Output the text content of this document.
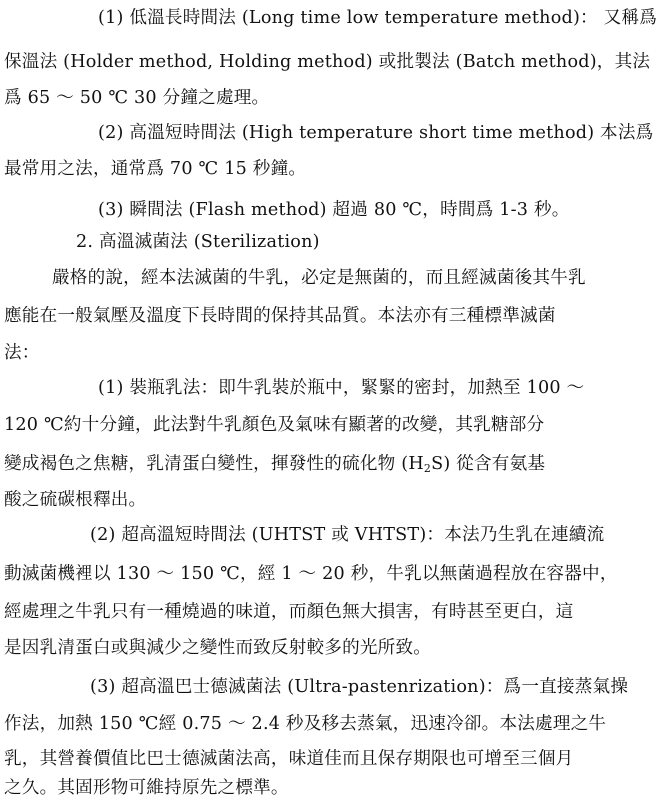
(1) 低溫長時間法 (Long time low temperature method)： 又稱爲
保溫法 (Holder method, Holding method) 或批製法 (Batch method)，其法
爲 65 ～ 50 ℃ 30 分鐘之處理。
(2) 高溫短時間法 (High temperature short time method) 本法爲
最常用之法，通常爲 70 ℃ 15 秒鐘。
(3) 瞬間法 (Flash method) 超過 80 ℃，時間爲 1-3 秒。
2. 高溫滅菌法 (Sterilization)
嚴格的說，經本法滅菌的牛乳，必定是無菌的，而且經滅菌後其牛乳
應能在一般氣壓及溫度下長時間的保持其品質。本法亦有三種標準滅菌
法：
(1) 裝瓶乳法：即牛乳裝於瓶中，緊緊的密封，加熱至 100 ～
120 ℃約十分鐘，此法對牛乳顏色及氣味有顯著的改變，其乳糖部分
變成褐色之焦糖，乳清蛋白變性，揮發性的硫化物 $(H_2S)$ 從含有氨基
酸之硫碳根釋出。
(2) 超高溫短時間法 (UHTST 或 VHTST)：本法乃生乳在連續流
動滅菌機裡以 130 ～ 150 ℃，經 1 ～ 20 秒，牛乳以無菌過程放在容器中，
經處理之牛乳只有一種燒過的味道，而顏色無大損害，有時甚至更白，這
是因乳清蛋白或與減少之變性而致反射較多的光所致。
(3) 超高溫巴士德滅菌法 (Ultra-pastenrization)：爲一直接蒸氣操
作法，加熱 150 ℃經 0.75 ～ 2.4 秒及移去蒸氣，迅速冷卻。本法處理之牛
乳，其營養價值比巴士德滅菌法高，味道佳而且保存期限也可增至三個月
之久。其固形物可維持原先之標準。
